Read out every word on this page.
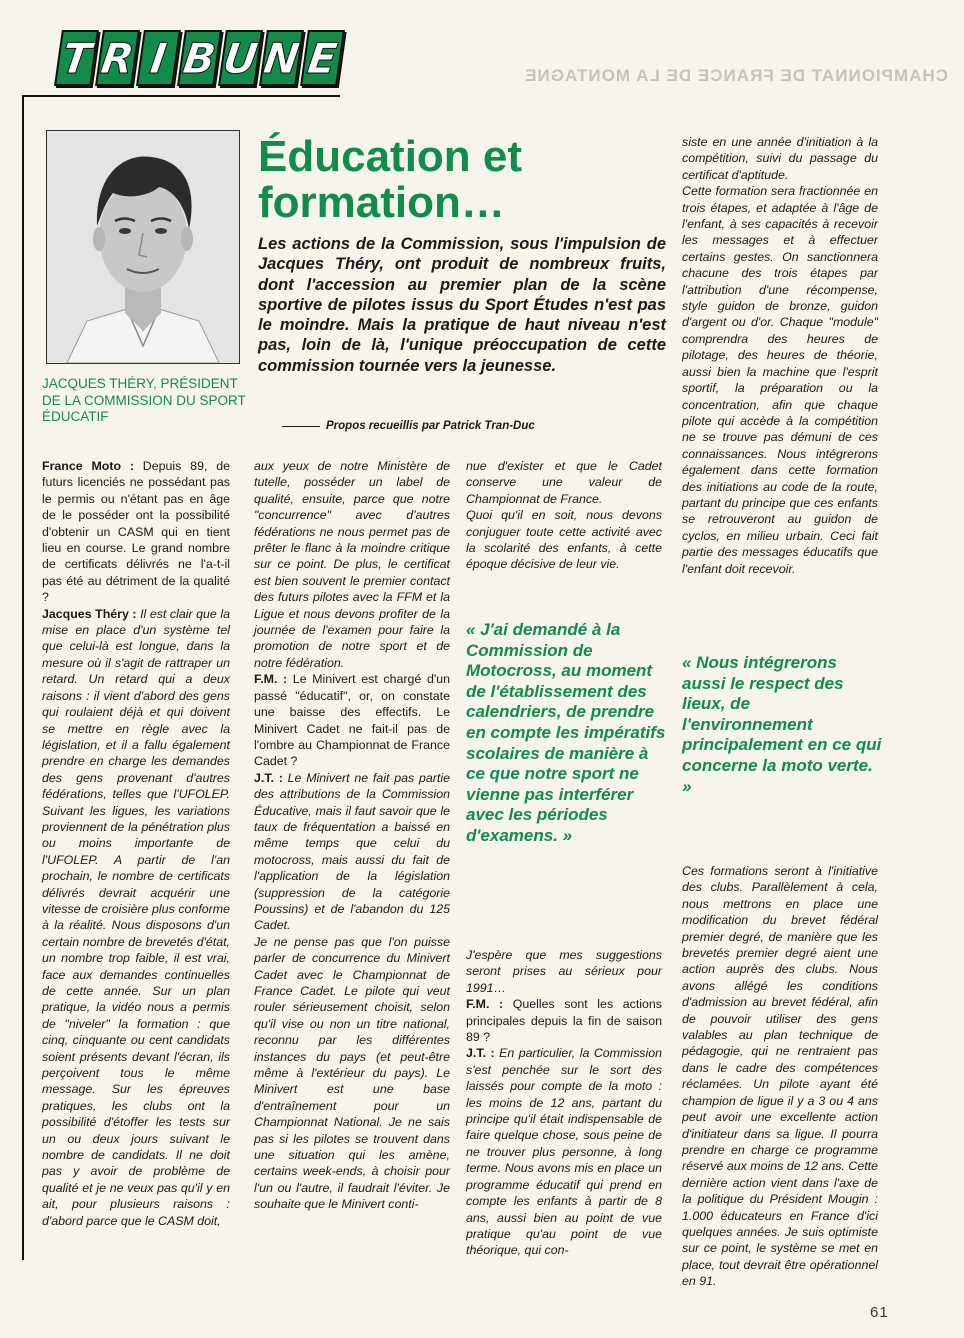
T R I B U N E	CHAMPIONNAT DE FRANCE DE LA MONTAGNE
JACQUES THÉRY, PRÉSIDENT DE LA COMMISSION DU SPORT ÉDUCATIF
Éducation et formation…
Les actions de la Commission, sous l'impulsion de Jacques Théry, ont produit de nombreux fruits, dont l'accession au premier plan de la scène sportive de pilotes issus du Sport Études n'est pas le moindre. Mais la pratique de haut niveau n'est pas, loin de là, l'unique préoccupation de cette commission tournée vers la jeunesse.
Propos recueillis par Patrick Tran-Duc

France Moto : Depuis 89, de futurs licenciés ne possédant pas le permis ou n'étant pas en âge de le posséder ont la possibilité d'obtenir un CASM qui en tient lieu en course. Le grand nombre de certificats délivrés ne l'a-t-il pas été au détriment de la qualité ?

Jacques Théry : Il est clair que la mise en place d'un système tel que celui-là est longue, dans la mesure où il s'agit de rattraper un retard. Un retard qui a deux raisons : il vient d'abord des gens qui roulaient déjà et qui doivent se mettre en règle avec la législation, et il a fallu également prendre en charge les demandes des gens provenant d'autres fédérations, telles que l'UFOLEP. Suivant les ligues, les variations proviennent de la pénétration plus ou moins importante de l'UFOLEP. A partir de l'an prochain, le nombre de certificats délivrés devrait acquérir une vitesse de croisière plus conforme à la réalité. Nous disposons d'un certain nombre de brevetés d'état, un nombre trop faible, il est vrai, face aux demandes continuelles de cette année. Sur un plan pratique, la vidéo nous a permis de "niveler" la formation : que cinq, cinquante ou cent candidats soient présents devant l'écran, ils perçoivent tous le même message. Sur les épreuves pratiques, les clubs ont la possibilité d'étoffer les tests sur un ou deux jours suivant le nombre de candidats. Il ne doit pas y avoir de problème de qualité et je ne veux pas qu'il y en ait, pour plusieurs raisons : d'abord parce que le CASM doit,

aux yeux de notre Ministère de tutelle, posséder un label de qualité, ensuite, parce que notre "concurrence" avec d'autres fédérations ne nous permet pas de prêter le flanc à la moindre critique sur ce point. De plus, le certificat est bien souvent le premier contact des futurs pilotes avec la FFM et la Ligue et nous devons profiter de la journée de l'examen pour faire la promotion de notre sport et de notre fédération.

F.M. : Le Minivert est chargé d'un passé "éducatif", or, on constate une baisse des effectifs. Le Minivert Cadet ne fait-il pas de l'ombre au Championnat de France Cadet ?

J.T. : Le Minivert ne fait pas partie des attributions de la Commission Éducative, mais il faut savoir que le taux de fréquentation a baissé en même temps que celui du motocross, mais aussi du fait de l'application de la législation (suppression de la catégorie Poussins) et de l'abandon du 125 Cadet.

Je ne pense pas que l'on puisse parler de concurrence du Minivert Cadet avec le Championnat de France Cadet. Le pilote qui veut rouler sérieusement choisit, selon qu'il vise ou non un titre national, reconnu par les différentes instances du pays (et peut-être même à l'extérieur du pays). Le Minivert est une base d'entraînement pour un Championnat National. Je ne sais pas si les pilotes se trouvent dans une situation qui les amène, certains week-ends, à choisir pour l'un ou l'autre, il faudrait l'éviter. Je souhaite que le Minivert conti-

nue d'exister et que le Cadet conserve une valeur de Championnat de France.

Quoi qu'il en soit, nous devons conjuguer toute cette activité avec la scolarité des enfants, à cette époque décisive de leur vie.

« J'ai demandé à la Commission de Motocross, au moment de l'établissement des calendriers, de prendre en compte les impératifs scolaires de manière à ce que notre sport ne vienne pas interférer avec les périodes d'examens. »

J'espère que mes suggestions seront prises au sérieux pour 1991…

F.M. : Quelles sont les actions principales depuis la fin de saison 89 ?

J.T. : En particulier, la Commission s'est penchée sur le sort des laissés pour compte de la moto : les moins de 12 ans, partant du principe qu'il était indispensable de faire quelque chose, sous peine de ne trouver plus personne, à long terme. Nous avons mis en place un programme éducatif qui prend en compte les enfants à partir de 8 ans, aussi bien au point de vue pratique qu'au point de vue théorique, qui con-

siste en une année d'initiation à la compétition, suivi du passage du certificat d'aptitude.

Cette formation sera fractionnée en trois étapes, et adaptée à l'âge de l'enfant, à ses capacités à recevoir les messages et à effectuer certains gestes. On sanctionnera chacune des trois étapes par l'attribution d'une récompense, style guidon de bronze, guidon d'argent ou d'or. Chaque "module" comprendra des heures de pilotage, des heures de théorie, aussi bien la machine que l'esprit sportif, la préparation ou la concentration, afin que chaque pilote qui accède à la compétition ne se trouve pas démuni de ces connaissances. Nous intégrerons également dans cette formation des initiations au code de la route, partant du principe que ces enfants se retrouveront au guidon de cyclos, en milieu urbain. Ceci fait partie des messages éducatifs que l'enfant doit recevoir.

« Nous intégrerons aussi le respect des lieux, de l'environnement principalement en ce qui concerne la moto verte. »

Ces formations seront à l'initiative des clubs. Parallèlement à cela, nous mettrons en place une modification du brevet fédéral premier degré, de manière que les brevetés premier degré aient une action auprès des clubs. Nous avons allégé les conditions d'admission au brevet fédéral, afin de pouvoir utiliser des gens valables au plan technique de pédagogie, qui ne rentraient pas dans le cadre des compétences réclamées. Un pilote ayant été champion de ligue il y a 3 ou 4 ans peut avoir une excellente action d'initiateur dans sa ligue. Il pourra prendre en charge ce programme réservé aux moins de 12 ans. Cette dernière action vient dans l'axe de la politique du Président Mougin : 1.000 éducateurs en France d'ici quelques années. Je suis optimiste sur ce point, le système se met en place, tout devrait être opérationnel en 91.

61
